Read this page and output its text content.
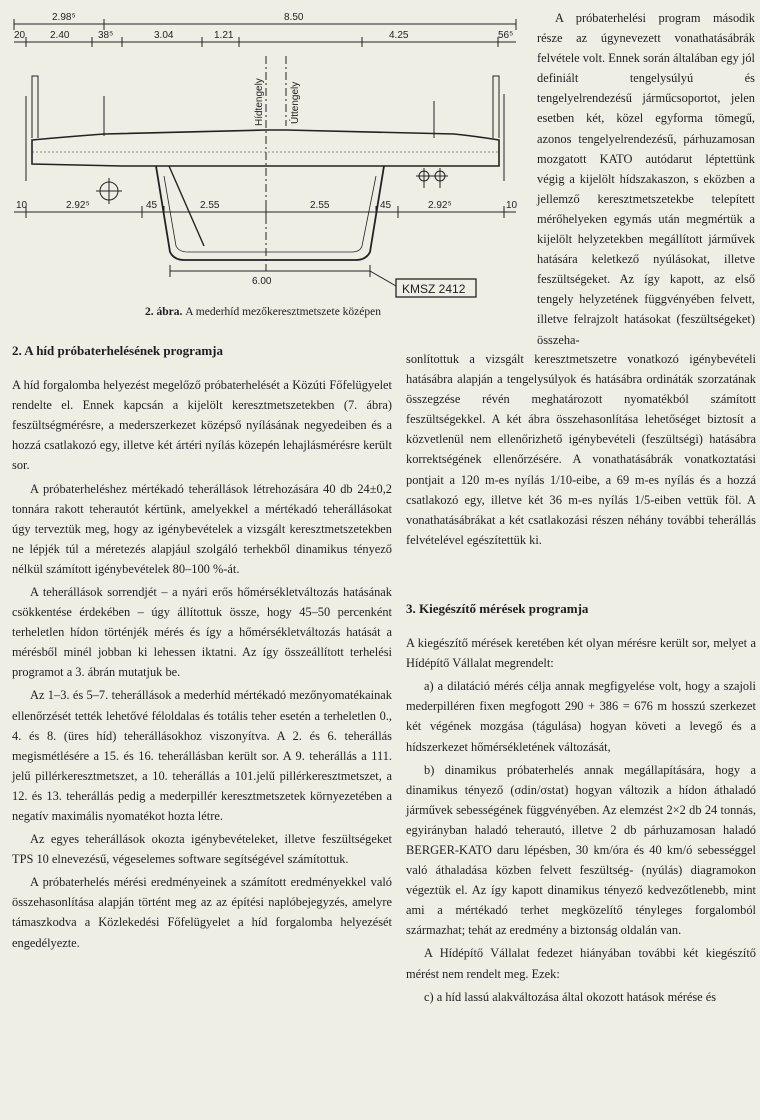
2.98⁵	8.50
20 2.40	38⁵	3.04	1.21	4.25	56⁵
Hídtengely	Úttengely
10	2.92⁵	45	2.55	2.55	45	2.92⁵	10
6.00
KMSZ 2412
2. ábra. A mederhíd mezőkeresztmetszete középen

A próbaterhelési program második része az úgynevezett vonathatásábrák felvétele volt. Ennek során általában egy jól definiált tengelysúlyú és tengelyelrendezésű járműcsoportot, jelen esetben két, közel egyforma tömegű, azonos tengelyelrendezésű, párhuzamosan mozgatott KATO autódarut léptettünk végig a kijelölt hídszakaszon, s eközben a jellemző keresztmetszetekbe telepített mérőhelyeken egymás után megmértük a kijelölt helyzetekben megállított járművek hatására keletkező nyúlásokat, illetve feszültségeket. Az így kapott, az első tengely helyzetének függvényében felvett, illetve felrajzolt hatásokat (feszültségeket) összeha-

sonlítottuk a vizsgált keresztmetszetre vonatkozó igénybevételi hatásábra alapján a tengelysúlyok és hatásábra ordináták szorzatának összegzése révén meghatározott nyomatékból számított feszültségekkel. A két ábra összehasonlítása lehetőséget biztosít a közvetlenül nem ellenőrizhető igénybevételi (feszültségi) hatásábra korrektségének ellenőrzésére. A vonathatásábrák vonatkoztatási pontjait a 120 m-es nyílás 1/10-eibe, a 69 m-es nyílás és a hozzá csatlakozó egy, illetve két 36 m-es nyílás 1/5-eiben vettük föl. A vonathatásábrákat a két csatlakozási részen néhány további teherállás felvételével egészítettük ki.

2. A híd próbaterhelésének programja

A híd forgalomba helyezést megelőző próbaterhelését a Közúti Főfelügyelet rendelte el. Ennek kapcsán a kijelölt keresztmetszetekben (7. ábra) feszültségmérésre, a mederszerkezet középső nyílásának negyedeiben és a hozzá csatlakozó egy, illetve két ártéri nyílás közepén lehajlásmérésre került sor.

A próbaterheléshez mértékadó teherállások létrehozására 40 db 24±0,2 tonnára rakott teherautót kértünk, amelyekkel a mértékadó teherállásokat úgy terveztük meg, hogy az igénybevételek a vizsgált keresztmetszetekben ne lépjék túl a méretezés alapjául szolgáló terhekből dinamikus tényező nélkül számított igénybevételek 80–100 %-át.

A teherállások sorrendjét – a nyári erős hőmérsékletváltozás hatásának csökkentése érdekében – úgy állítottuk össze, hogy 45–50 percenként terheletlen hídon történjék mérés és így a hőmérsékletváltozás hatását a mérésből minél jobban ki lehessen iktatni. Az így összeállított terhelési programot a 3. ábrán mutatjuk be.

Az 1–3. és 5–7. teherállások a mederhíd mértékadó mezőnyomatékainak ellenőrzését tették lehetővé féloldalas és totális teher esetén a terheletlen 0., 4. és 8. (üres híd) teherállásokhoz viszonyítva. A 2. és 6. teherállás megismétlésére a 15. és 16. teherállásban került sor. A 9. teherállás a 111. jelű pillérkeresztmetszet, a 10. teherállás a 101.jelű pillérkeresztmetszet, a 12. és 13. teherállás pedig a mederpillér keresztmetszetek környezetében a negatív maximális nyomatékot hozta létre.

Az egyes teherállások okozta igénybevételeket, illetve feszültségeket TPS 10 elnevezésű, végeselemes software segítségével számítottuk.

A próbaterhelés mérési eredményeinek a számított eredményekkel való összehasonlítása alapján történt meg az az építési naplóbejegyzés, amelyre támaszkodva a Közlekedési Főfelügyelet a híd forgalomba helyezését engedélyezte.

3. Kiegészítő mérések programja

A kiegészítő mérések keretében két olyan mérésre került sor, melyet a Hídépítő Vállalat megrendelt:

a) a dilatáció mérés célja annak megfigyelése volt, hogy a szajoli mederpilléren fixen megfogott 290 + 386 = 676 m hosszú szerkezet két végének mozgása (tágulása) hogyan követi a levegő és a hídszerkezet hőmérsékletének változását,

b) dinamikus próbaterhelés annak megállapítására, hogy a dinamikus tényező (σdin/σstat) hogyan változik a hídon áthaladó járművek sebességének függvényében. Az elemzést 2×2 db 24 tonnás, egyirányban haladó teherautó, illetve 2 db párhuzamosan haladó BERGER-KATO daru lépésben, 30 km/óra és 40 km/ó sebességgel való áthaladása közben felvett feszültség- (nyúlás) diagramokon végeztük el. Az így kapott dinamikus tényező kedvezőtlenebb, mint ami a mértékadó terhet megközelítő tényleges forgalomból származhat; tehát az eredmény a biztonság oldalán van.

A Hídépítő Vállalat fedezet hiányában további két kiegészítő mérést nem rendelt meg. Ezek:

c) a híd lassú alakváltozása által okozott hatások mérése és
